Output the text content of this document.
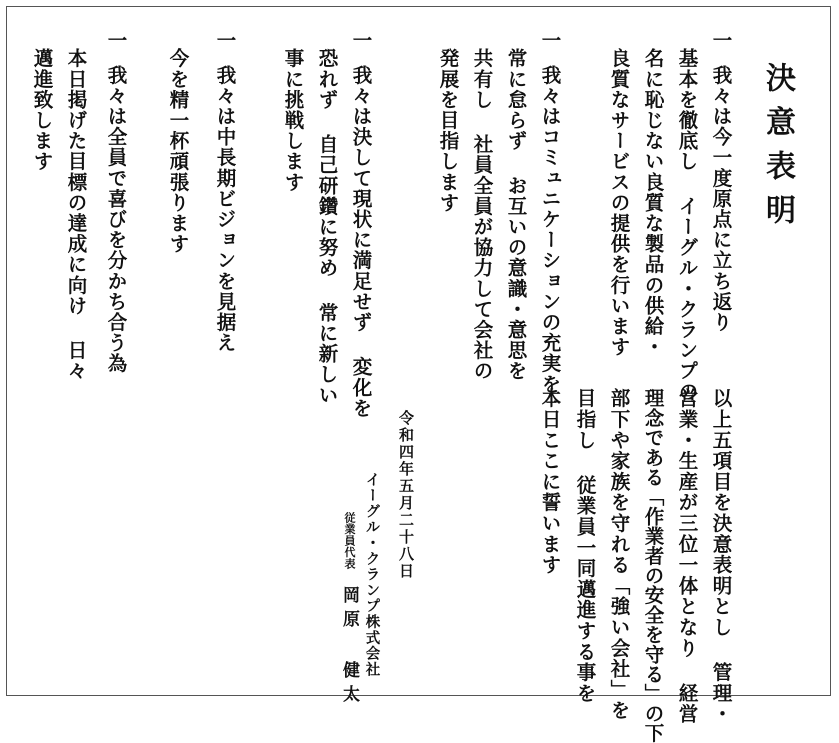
決意表明
一我々は今一度原点に立ち返り
基本を徹底し イーグル・クランプの
名に恥じない良質な製品の供給・
良質なサービスの提供を行います
一我々はコミュニケーションの充実を
常に怠らず お互いの意識・意思を
共有し 社員全員が協力して会社の
発展を目指します
一我々は決して現状に満足せず 変化を
恐れず 自己研鑽に努め 常に新しい
事に挑戦します
一我々は中長期ビジョンを見据え
今を精一杯頑張ります
一我々は全員で喜びを分かち合う為
本日掲げた目標の達成に向け 日々
邁進致します
以上五項目を決意表明とし 管理・
営業・生産が三位一体となり 経営
理念である「作業者の安全を守る」の下
部下や家族を守れる「強い会社」を
目指し 従業員一同邁進する事を
本日ここに誓います
令和四年五月二十八日
イーグル・クランプ株式会社
従業員代表
岡原 健太
